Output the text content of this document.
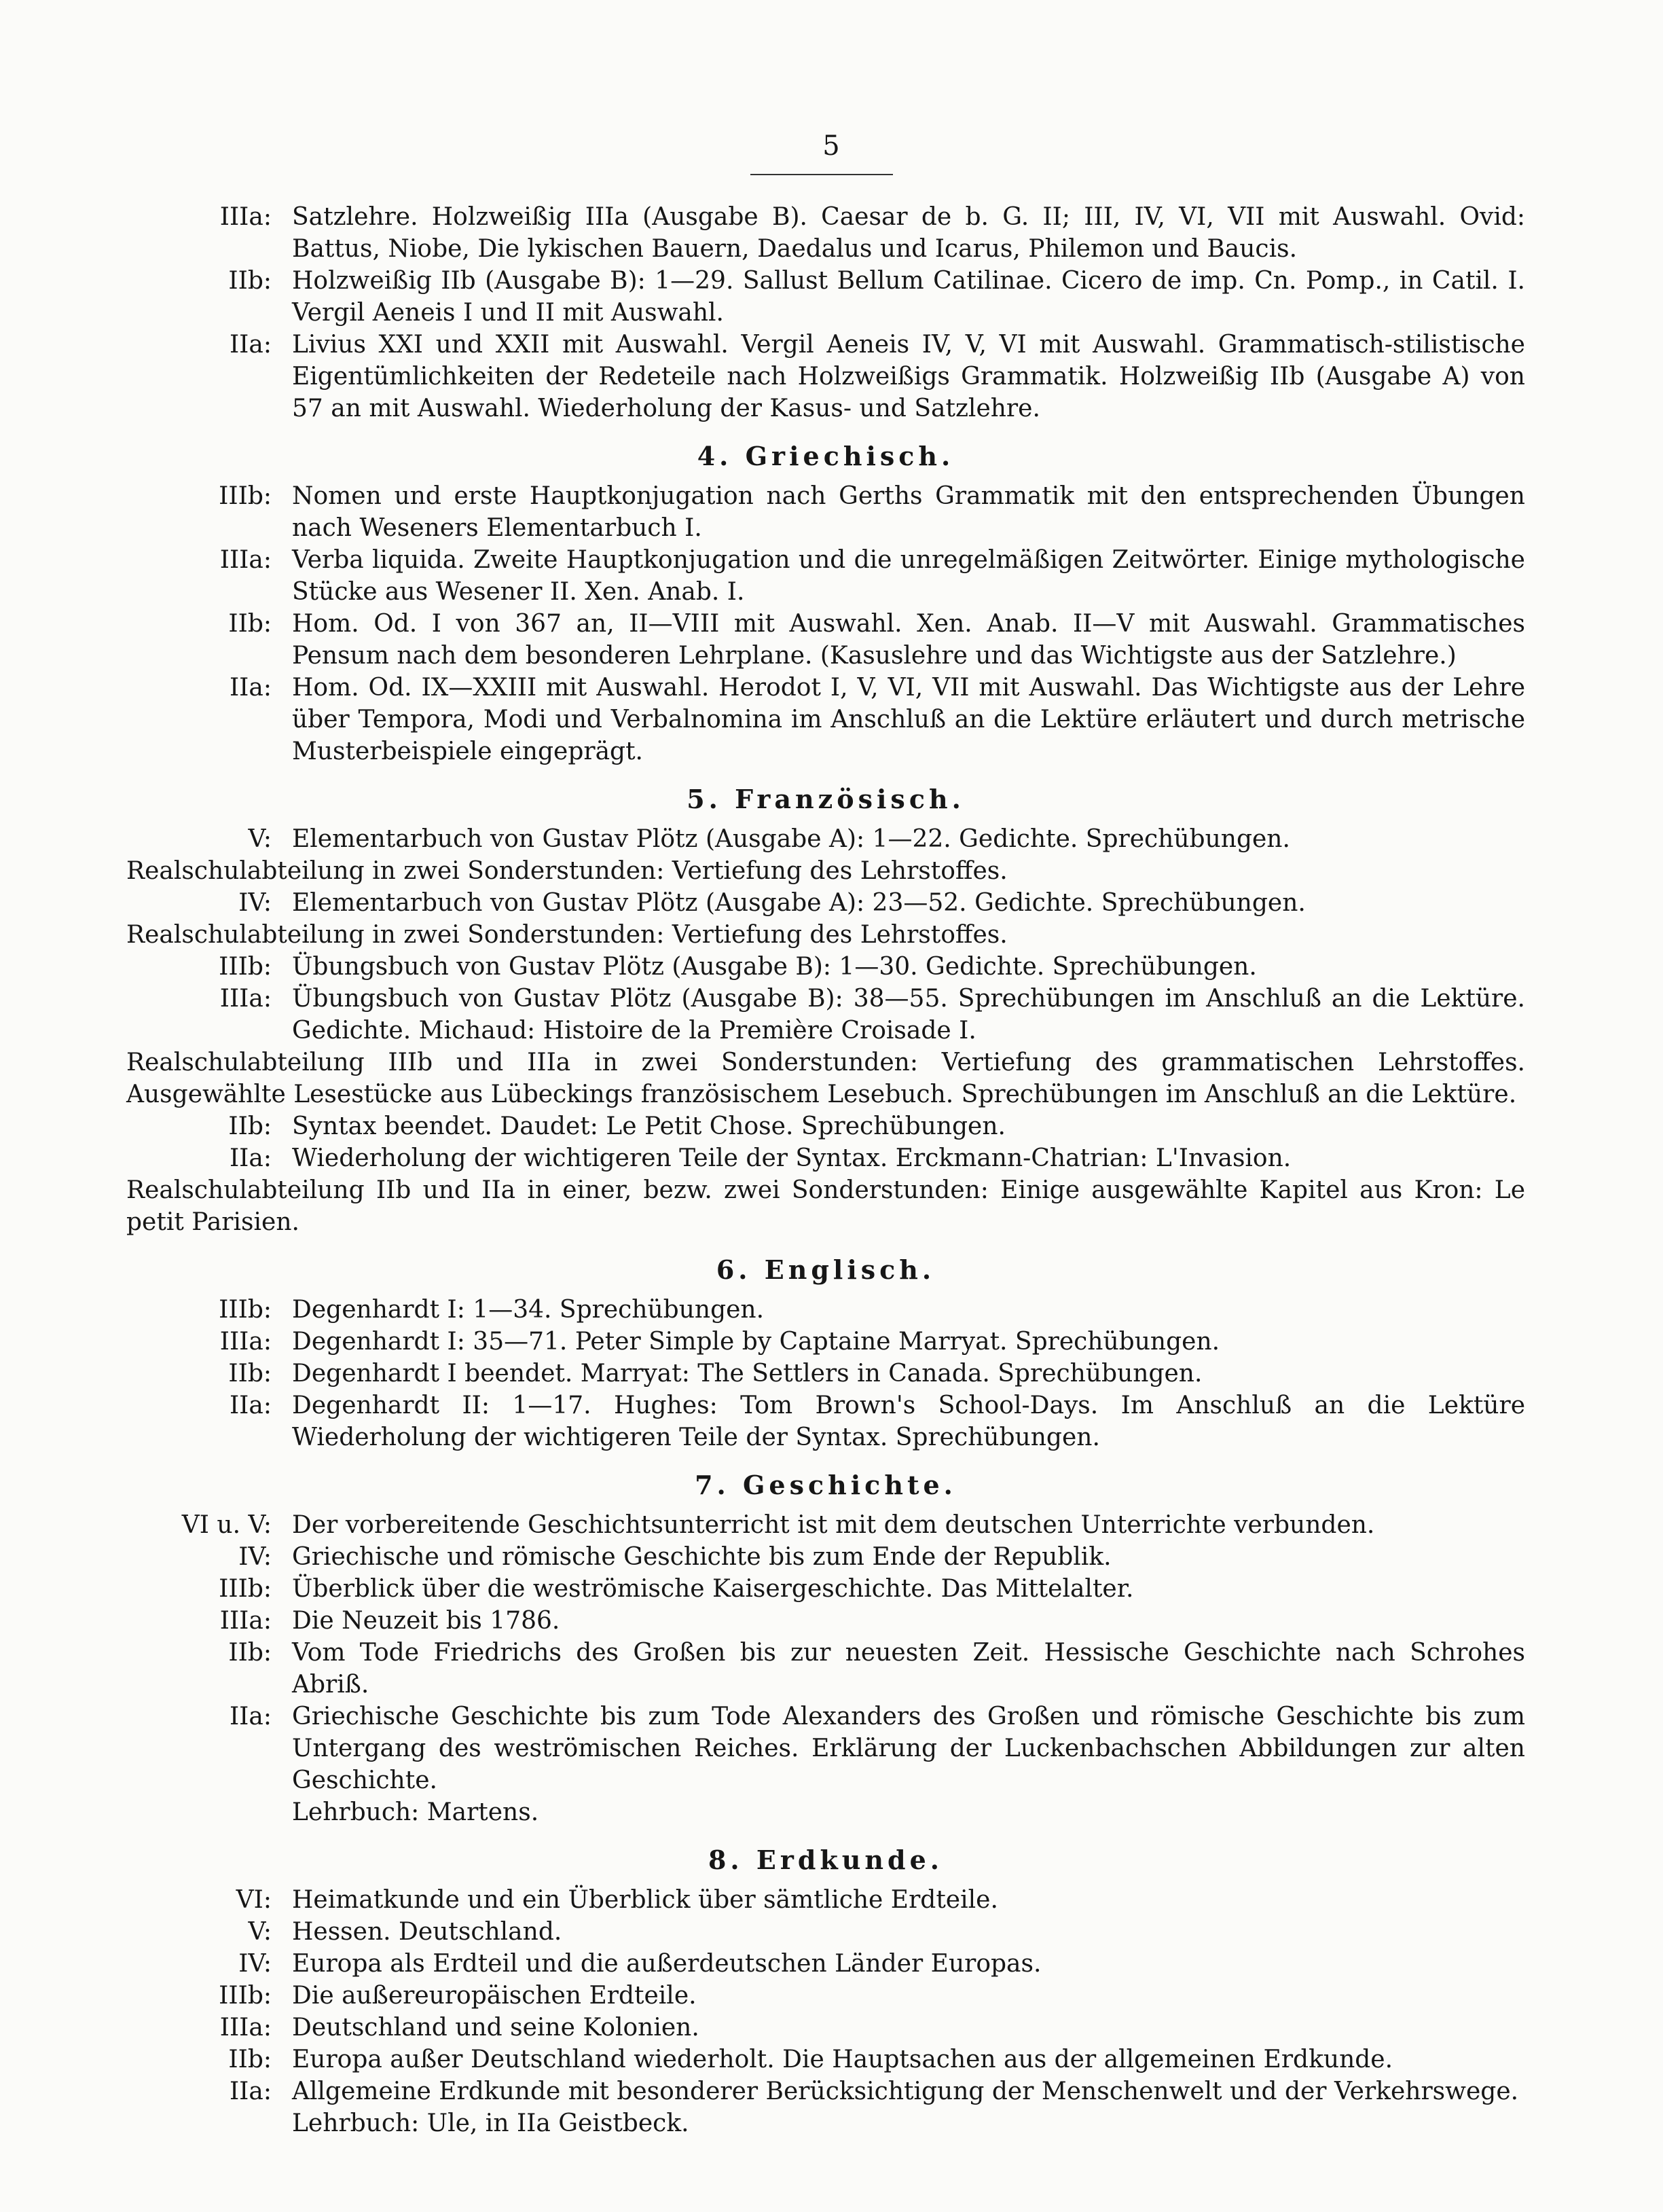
5
IIIa: Satzlehre. Holzweißig IIIa (Ausgabe B). Caesar de b. G. II; III, IV, VI, VII mit Auswahl. Ovid: Battus, Niobe, Die lykischen Bauern, Daedalus und Icarus, Philemon und Baucis.
IIb: Holzweißig IIb (Ausgabe B): 1—29. Sallust Bellum Catilinae. Cicero de imp. Cn. Pomp., in Catil. I. Vergil Aeneis I und II mit Auswahl.
IIa: Livius XXI und XXII mit Auswahl. Vergil Aeneis IV, V, VI mit Auswahl. Grammatisch-stilistische Eigentümlichkeiten der Redeteile nach Holzweißigs Grammatik. Holzweißig IIb (Ausgabe A) von 57 an mit Auswahl. Wiederholung der Kasus- und Satzlehre.
4. Griechisch.
IIIb: Nomen und erste Hauptkonjugation nach Gerths Grammatik mit den entsprechenden Übungen nach Weseners Elementarbuch I.
IIIa: Verba liquida. Zweite Hauptkonjugation und die unregelmäßigen Zeitwörter. Einige mythologische Stücke aus Wesener II. Xen. Anab. I.
IIb: Hom. Od. I von 367 an, II—VIII mit Auswahl. Xen. Anab. II—V mit Auswahl. Grammatisches Pensum nach dem besonderen Lehrplane. (Kasuslehre und das Wichtigste aus der Satzlehre.)
IIa: Hom. Od. IX—XXIII mit Auswahl. Herodot I, V, VI, VII mit Auswahl. Das Wichtigste aus der Lehre über Tempora, Modi und Verbalnomina im Anschluß an die Lektüre erläutert und durch metrische Musterbeispiele eingeprägt.
5. Französisch.
V: Elementarbuch von Gustav Plötz (Ausgabe A): 1—22. Gedichte. Sprechübungen.
Realschulabteilung in zwei Sonderstunden: Vertiefung des Lehrstoffes.
IV: Elementarbuch von Gustav Plötz (Ausgabe A): 23—52. Gedichte. Sprechübungen.
Realschulabteilung in zwei Sonderstunden: Vertiefung des Lehrstoffes.
IIIb: Übungsbuch von Gustav Plötz (Ausgabe B): 1—30. Gedichte. Sprechübungen.
IIIa: Übungsbuch von Gustav Plötz (Ausgabe B): 38—55. Sprechübungen im Anschluß an die Lektüre. Gedichte. Michaud: Histoire de la Première Croisade I.
Realschulabteilung IIIb und IIIa in zwei Sonderstunden: Vertiefung des grammatischen Lehrstoffes. Ausgewählte Lesestücke aus Lübeckings französischem Lesebuch. Sprechübungen im Anschluß an die Lektüre.
IIb: Syntax beendet. Daudet: Le Petit Chose. Sprechübungen.
IIa: Wiederholung der wichtigeren Teile der Syntax. Erckmann-Chatrian: L'Invasion.
Realschulabteilung IIb und IIa in einer, bezw. zwei Sonderstunden: Einige ausgewählte Kapitel aus Kron: Le petit Parisien.
6. Englisch.
IIIb: Degenhardt I: 1—34. Sprechübungen.
IIIa: Degenhardt I: 35—71. Peter Simple by Captaine Marryat. Sprechübungen.
IIb: Degenhardt I beendet. Marryat: The Settlers in Canada. Sprechübungen.
IIa: Degenhardt II: 1—17. Hughes: Tom Brown's School-Days. Im Anschluß an die Lektüre Wiederholung der wichtigeren Teile der Syntax. Sprechübungen.
7. Geschichte.
VI u. V: Der vorbereitende Geschichtsunterricht ist mit dem deutschen Unterrichte verbunden.
IV: Griechische und römische Geschichte bis zum Ende der Republik.
IIIb: Überblick über die weströmische Kaisergeschichte. Das Mittelalter.
IIIa: Die Neuzeit bis 1786.
IIb: Vom Tode Friedrichs des Großen bis zur neuesten Zeit. Hessische Geschichte nach Schrohes Abriß.
IIa: Griechische Geschichte bis zum Tode Alexanders des Großen und römische Geschichte bis zum Untergang des weströmischen Reiches. Erklärung der Luckenbachschen Abbildungen zur alten Geschichte.
Lehrbuch: Martens.
8. Erdkunde.
VI: Heimatkunde und ein Überblick über sämtliche Erdteile.
V: Hessen. Deutschland.
IV: Europa als Erdteil und die außerdeutschen Länder Europas.
IIIb: Die außereuropäischen Erdteile.
IIIa: Deutschland und seine Kolonien.
IIb: Europa außer Deutschland wiederholt. Die Hauptsachen aus der allgemeinen Erdkunde.
IIa: Allgemeine Erdkunde mit besonderer Berücksichtigung der Menschenwelt und der Verkehrswege.
Lehrbuch: Ule, in IIa Geistbeck.
